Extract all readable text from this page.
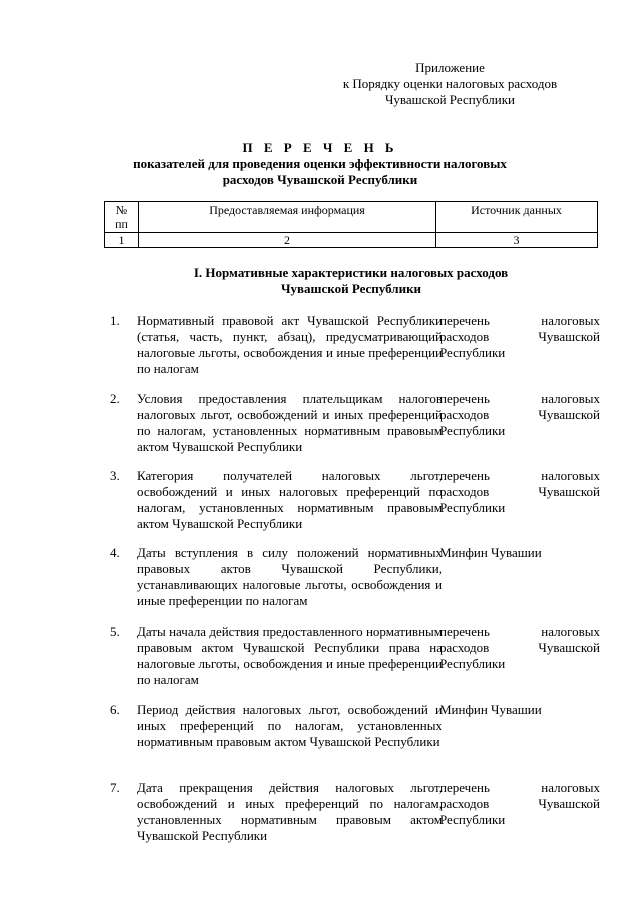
Приложение
к Порядку оценки налоговых расходов
Чувашской Республики
П Е Р Е Ч Е Н Ь
показателей для проведения оценки эффективности налоговых
расходов Чувашской Республики
№ пп	Предоставляемая информация	Источник данных
1	2	3
I. Нормативные характеристики налоговых расходов
Чувашской Республики
1.	Нормативный правовой акт Чувашской Республики (статья, часть, пункт, абзац), предусматривающий налоговые льготы, освобождения и иные преференции по налогам
перечень налоговых расходов Чувашской Республики
2.	Условия предоставления плательщикам налогов налоговых льгот, освобождений и иных преференций по налогам, установленных нормативным правовым актом Чувашской Республики
перечень налоговых расходов Чувашской Республики
3.	Категория получателей налоговых льгот, освобождений и иных налоговых преференций по налогам, установленных нормативным правовым актом Чувашской Республики
перечень налоговых расходов Чувашской Республики
4.	Даты вступления в силу положений нормативных правовых актов Чувашской Республики, устанавливающих налоговые льготы, освобождения и иные преференции по налогам
Минфин Чувашии
5.	Даты начала действия предоставленного нормативным правовым актом Чувашской Республики права на налоговые льготы, освобождения и иные преференции по налогам
перечень налоговых расходов Чувашской Республики
6.	Период действия налоговых льгот, освобождений и иных преференций по налогам, установленных нормативным правовым актом Чувашской Республики
Минфин Чувашии
7.	Дата прекращения действия налоговых льгот, освобождений и иных преференций по налогам, установленных нормативным правовым актом Чувашской Республики
перечень налоговых расходов Чувашской Республики
